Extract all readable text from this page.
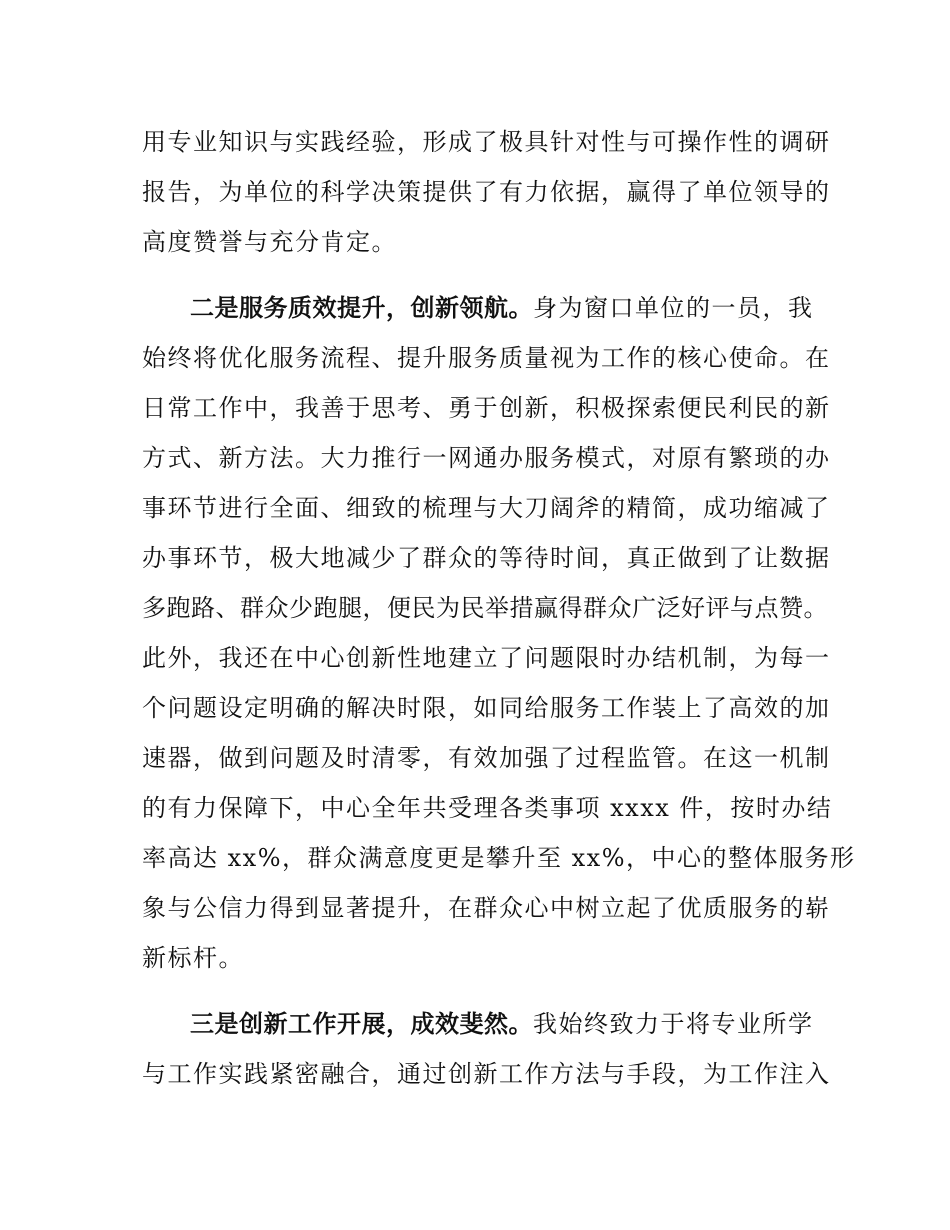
用专业知识与实践经验，形成了极具针对性与可操作性的调研
报告，为单位的科学决策提供了有力依据，赢得了单位领导的
高度赞誉与充分肯定。
二是服务质效提升，创新领航。身为窗口单位的一员，我
始终将优化服务流程、提升服务质量视为工作的核心使命。在
日常工作中，我善于思考、勇于创新，积极探索便民利民的新
方式、新方法。大力推行一网通办服务模式，对原有繁琐的办
事环节进行全面、细致的梳理与大刀阔斧的精简，成功缩减了
办事环节，极大地减少了群众的等待时间，真正做到了让数据
多跑路、群众少跑腿，便民为民举措赢得群众广泛好评与点赞。
此外，我还在中心创新性地建立了问题限时办结机制，为每一
个问题设定明确的解决时限，如同给服务工作装上了高效的加
速器，做到问题及时清零，有效加强了过程监管。在这一机制
的有力保障下，中心全年共受理各类事项 xxxx 件，按时办结
率高达 xx%，群众满意度更是攀升至 xx%，中心的整体服务形
象与公信力得到显著提升，在群众心中树立起了优质服务的崭
新标杆。
三是创新工作开展，成效斐然。我始终致力于将专业所学
与工作实践紧密融合，通过创新工作方法与手段，为工作注入
